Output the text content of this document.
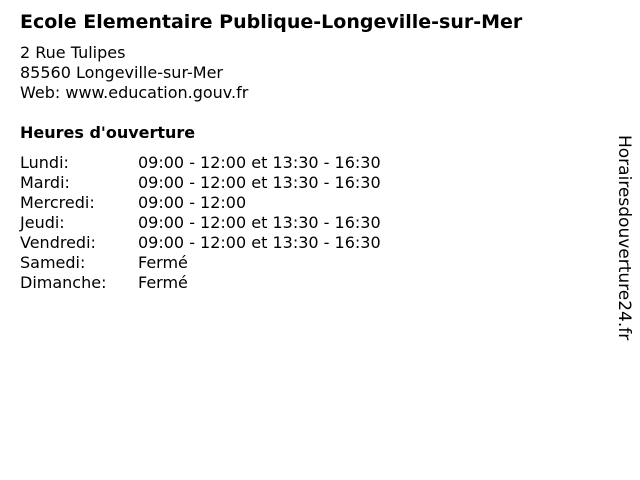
Ecole Elementaire Publique-Longeville-sur-Mer
2 Rue Tulipes
85560 Longeville-sur-Mer
Web: www.education.gouv.fr
Heures d'ouverture
Lundi:	09:00 - 12:00 et 13:30 - 16:30
Mardi:	09:00 - 12:00 et 13:30 - 16:30
Mercredi:	09:00 - 12:00
Jeudi:	09:00 - 12:00 et 13:30 - 16:30
Vendredi:	09:00 - 12:00 et 13:30 - 16:30
Samedi:	Fermé
Dimanche: Fermé	Horairesdouverture24.fr
